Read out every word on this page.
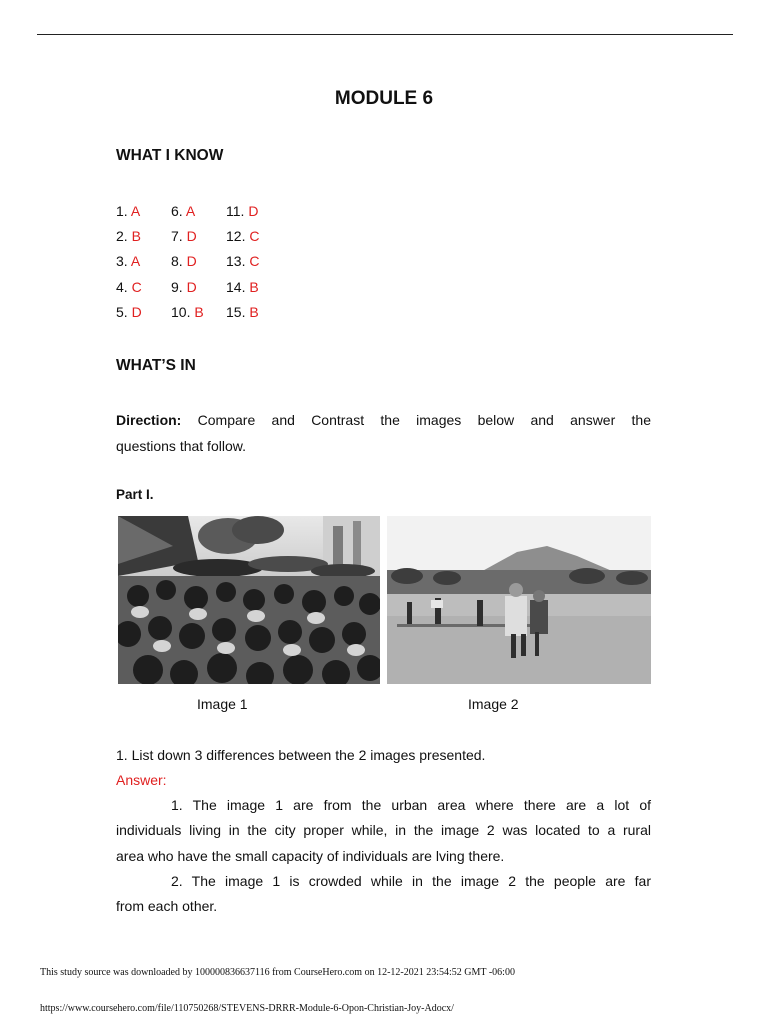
MODULE 6
WHAT I KNOW
1. A	6. A	11. D
2. B	7. D	12. C
3. A	8. D	13. C
4. C	9. D	14. B
5. D	10. B	15. B
WHAT’S IN
Direction: Compare and Contrast the images below and answer the
questions that follow.
Part I.
Image 1	Image 2
1. List down 3 differences between the 2 images presented.
Answer:
1. The image 1 are from the urban area where there are a lot of
individuals living in the city proper while, in the image 2 was located to a rural
area who have the small capacity of individuals are lving there.
2. The image 1 is crowded while in the image 2 the people are far
from each other.
This study source was downloaded by 100000836637116 from CourseHero.com on 12-12-2021 23:54:52 GMT -06:00
https://www.coursehero.com/file/110750268/STEVENS-DRRR-Module-6-Opon-Christian-Joy-Adocx/
